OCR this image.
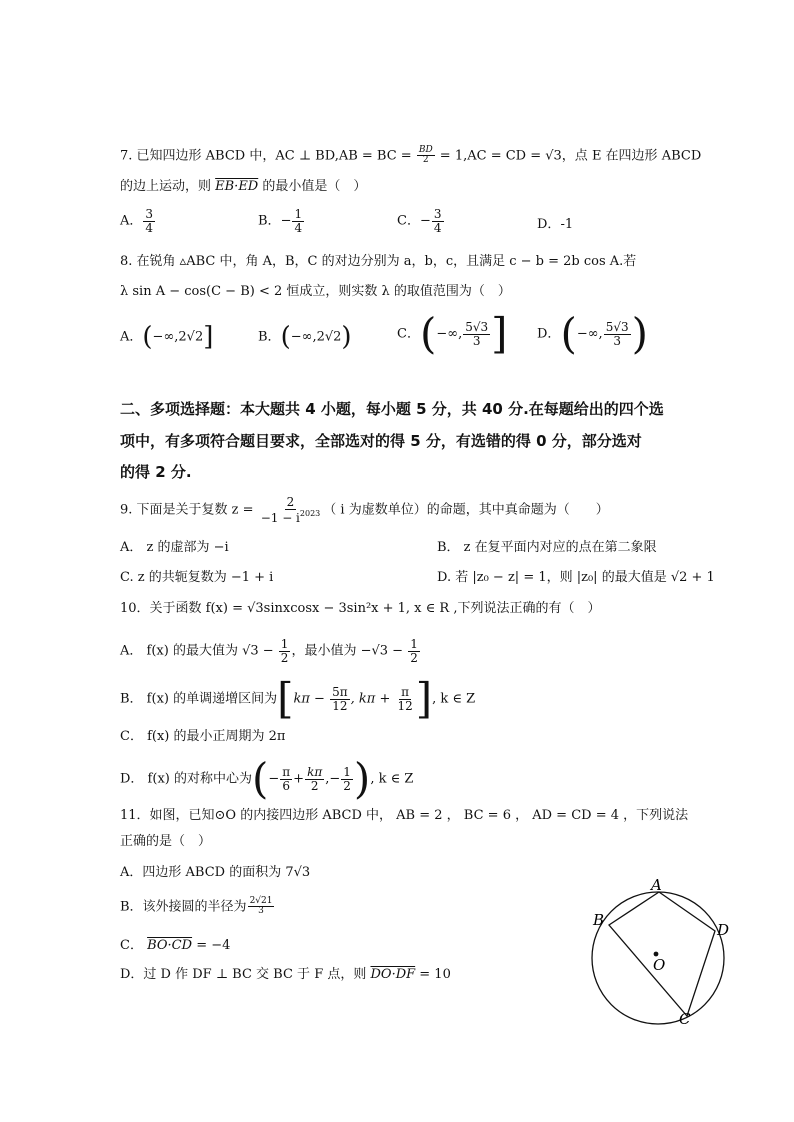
7. 已知四边形 ABCD 中，AC ⊥ BD,AB = BC = $\frac{BD}{2} = 1,AC$ = CD = √3，点 E 在四边形 ABCD
的边上运动，则 EB·ED 的最小值是（　）
A． $\frac{3}{4}$	B．− $\frac{1}{4}$	C．− $\frac{3}{4}$	D．-1
8. 在锐角 ▵ABC 中，角 A，B，C 的对边分别为 a，b，c，且满足 c − b = 2b cos A.若
λ sin A − cos(C − B) < 2 恒成立，则实数 λ 的取值范围为（　）
A．(−∞,2√2]	B．(−∞,2√2)	C．(−∞, $\frac{5√3}{3}$ ] D．(−∞, $\frac{5√3}{3}$ )
二、多项选择题：本大题共 4 小题，每小题 5 分，共 40 分.在每题给出的四个选
项中，有多项符合题目要求，全部选对的得 5 分，有选错的得 0 分，部分选对
的得 2 分.
9. 下面是关于复数 $z = \frac{2}{-1 - i^{2023}}$ （ i 为虚数单位）的命题，其中真命题为（　　）
A． z 的虚部为 −i	B． z 在复平面内对应的点在第二象限
C. z 的共轭复数为 −1 + i	D. 若 |z₀ − z| = 1，则 |z₀| 的最大值是 √2 + 1
10．关于函数 f(x) = √3sinxcosx − 3sin²x + 1, x ∈ R ,下列说法正确的有（　）
A． f(x) 的最大值为 $√3 - \frac{1}{2}$ ，最小值为 $-√3 - \frac{1}{2}$
B． f(x) 的单调递增区间为[$k\pi - \frac{5\pi}{12}$ , $k\pi + \frac{\pi}{12}$ ], k ∈ Z
C． f(x) 的最小正周期为 2π
D． f(x) 的对称中心为(− $\frac{\pi}{6} + \frac{k\pi}{2}$ ,− $\frac{1}{2}$ ), k ∈ Z
11．如图，已知⊙O 的内接四边形 ABCD 中， AB = 2 ， BC = 6 ， AD = CD = 4 ，下列说法
正确的是（　）
A．四边形 ABCD 的面积为 7√3
B．该外接圆的半径为 $\frac{2√21}{3}$
C． BO·CD = −4
D．过 D 作 DF ⊥ BC 交 BC 于 F 点，则 DO·DF = 10
A
B
C
D
O
